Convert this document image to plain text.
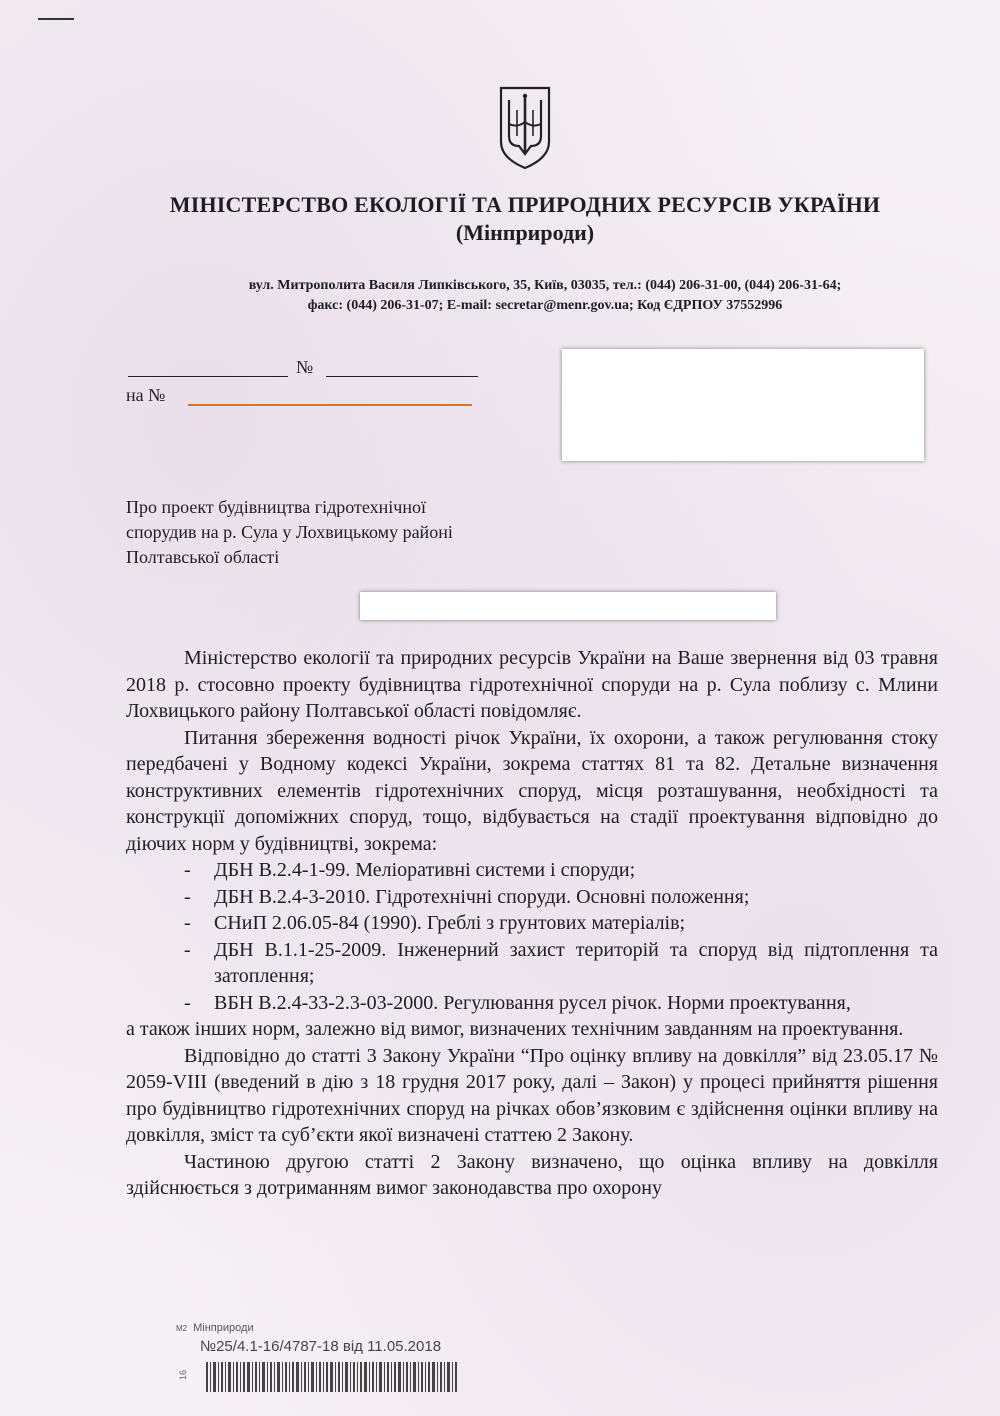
МІНІСТЕРСТВО ЕКОЛОГІЇ ТА ПРИРОДНИХ РЕСУРСІВ УКРАЇНИ
(Мінприроди)
вул. Митрополита Василя Липківського, 35, Київ, 03035, тел.: (044) 206-31-00, (044) 206-31-64;
факс: (044) 206-31-07; E-mail: secretar@menr.gov.ua; Код ЄДРПОУ 37552996
№
на №
Про проект будівництва гідротехнічної
спорудив на р. Сула у Лохвицькому районі
Полтавської області

Міністерство екології та природних ресурсів України на Ваше звернення від 03 травня 2018 р. стосовно проекту будівництва гідротехнічної споруди на р. Сула поблизу с. Млини Лохвицького району Полтавської області повідомляє.

Питання збереження водності річок України, їх охорони, а також регулювання стоку передбачені у Водному кодексі України, зокрема статтях 81 та 82. Детальне визначення конструктивних елементів гідротехнічних споруд, місця розташування, необхідності та конструкції допоміжних споруд, тощо, відбувається на стадії проектування відповідно до діючих норм у будівництві, зокрема:

- ДБН В.2.4-1-99. Меліоративні системи і споруди;
- ДБН В.2.4-3-2010. Гідротехнічні споруди. Основні положення;
- СНиП 2.06.05-84 (1990). Греблі з грунтових матеріалів;
- ДБН В.1.1-25-2009. Інженерний захист територій та споруд від підтоплення та затоплення;
- ВБН В.2.4-33-2.3-03-2000. Регулювання русел річок. Норми проектування,

а також інших норм, залежно від вимог, визначених технічним завданням на проектування.

Відповідно до статті 3 Закону України “Про оцінку впливу на довкілля” від 23.05.17 № 2059-VIII (введений в дію з 18 грудня 2017 року, далі – Закон) у процесі прийняття рішення про будівництво гідротехнічних споруд на річках обов’язковим є здійснення оцінки впливу на довкілля, зміст та суб’єкти якої визначені статтею 2 Закону.

Частиною другою статті 2 Закону визначено, що оцінка впливу на довкілля здійснюється з дотриманням вимог законодавства про охорону

М2 Мінприроди
№25/4.1-16/4787-18 від 11.05.2018
16
